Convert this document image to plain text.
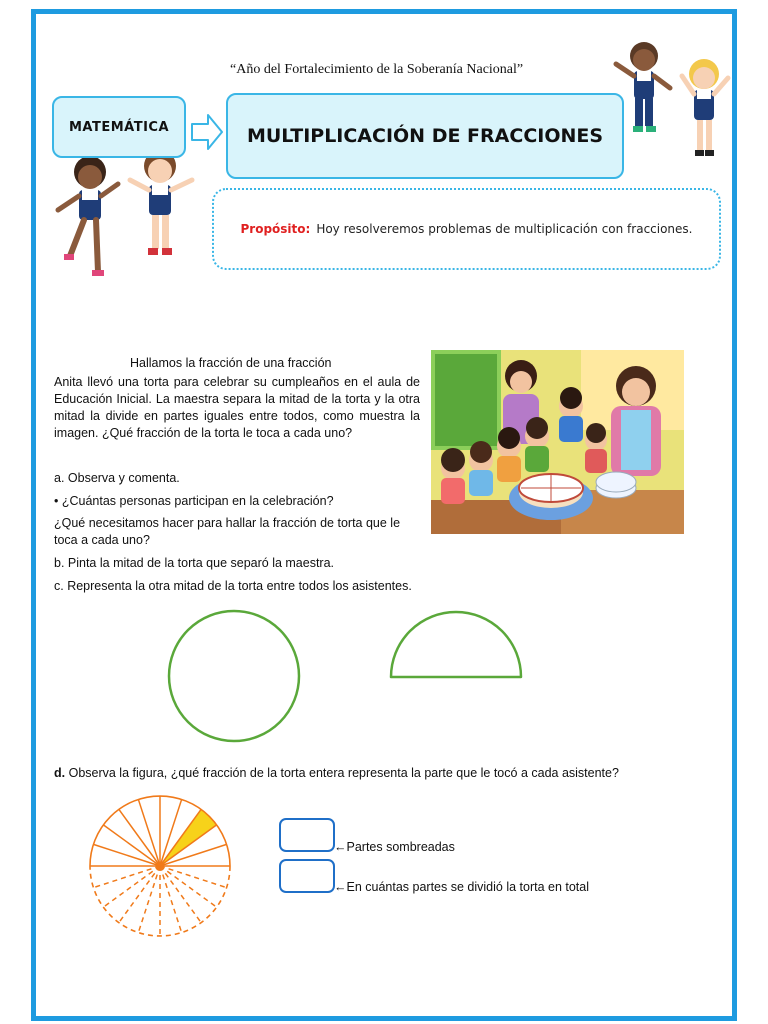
“Año del Fortalecimiento de la Soberanía Nacional”
MATEMÁTICA	MULTIPLICACIÓN DE FRACCIONES
Propósito: Hoy resolveremos problemas de multiplicación con fracciones.
Hallamos la fracción de una fracción
Anita llevó una torta para celebrar su cumpleaños en el aula de Educación Inicial. La maestra separa la mitad de la torta y la otra mitad la divide en partes iguales entre todos, como muestra la imagen. ¿Qué fracción de la torta le toca a cada uno?
a. Observa y comenta.
• ¿Cuántas personas participan en la celebración?
¿Qué necesitamos hacer para hallar la fracción de torta que le toca a cada uno?
b. Pinta la mitad de la torta que separó la maestra.
c. Representa la otra mitad de la torta entre todos los asistentes.
d. Observa la figura, ¿qué fracción de la torta entera representa la parte que le tocó a cada asistente?
←Partes sombreadas
←En cuántas partes se dividió la torta en total
